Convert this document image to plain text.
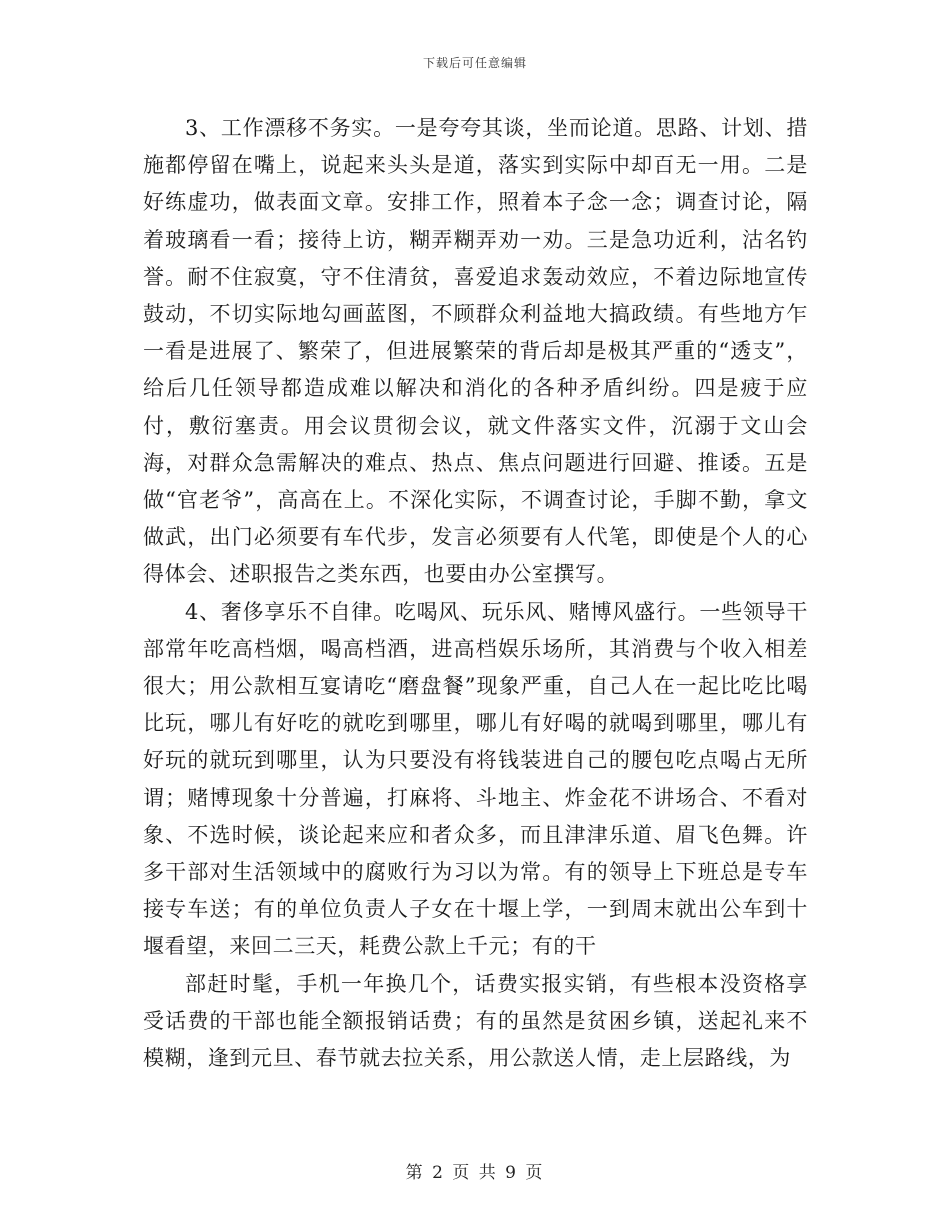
下载后可任意编辑

3、工作漂移不务实。一是夸夸其谈，坐而论道。思路、计划、措施都停留在嘴上，说起来头头是道，落实到实际中却百无一用。二是好练虚功，做表面文章。安排工作，照着本子念一念；调查讨论，隔着玻璃看一看；接待上访，糊弄糊弄劝一劝。三是急功近利，沽名钓誉。耐不住寂寞，守不住清贫，喜爱追求轰动效应，不着边际地宣传鼓动，不切实际地勾画蓝图，不顾群众利益地大搞政绩。有些地方乍一看是进展了、繁荣了，但进展繁荣的背后却是极其严重的“透支”，给后几任领导都造成难以解决和消化的各种矛盾纠纷。四是疲于应付，敷衍塞责。用会议贯彻会议，就文件落实文件，沉溺于文山会海，对群众急需解决的难点、热点、焦点问题进行回避、推诿。五是做“官老爷”，高高在上。不深化实际，不调查讨论，手脚不勤，拿文做武，出门必须要有车代步，发言必须要有人代笔，即使是个人的心得体会、述职报告之类东西，也要由办公室撰写。

4、奢侈享乐不自律。吃喝风、玩乐风、赌博风盛行。一些领导干部常年吃高档烟，喝高档酒，进高档娱乐场所，其消费与个收入相差很大；用公款相互宴请吃“磨盘餐”现象严重，自己人在一起比吃比喝比玩，哪儿有好吃的就吃到哪里，哪儿有好喝的就喝到哪里，哪儿有好玩的就玩到哪里，认为只要没有将钱装进自己的腰包吃点喝占无所谓；赌博现象十分普遍，打麻将、斗地主、炸金花不讲场合、不看对象、不选时候，谈论起来应和者众多，而且津津乐道、眉飞色舞。许多干部对生活领域中的腐败行为习以为常。有的领导上下班总是专车接专车送；有的单位负责人子女在十堰上学，一到周末就出公车到十堰看望，来回二三天，耗费公款上千元；有的干

部赶时髦，手机一年换几个，话费实报实销，有些根本没资格享受话费的干部也能全额报销话费；有的虽然是贫困乡镇，送起礼来不模糊，逢到元旦、春节就去拉关系，用公款送人情，走上层路线，为

第 2 页 共 9 页
